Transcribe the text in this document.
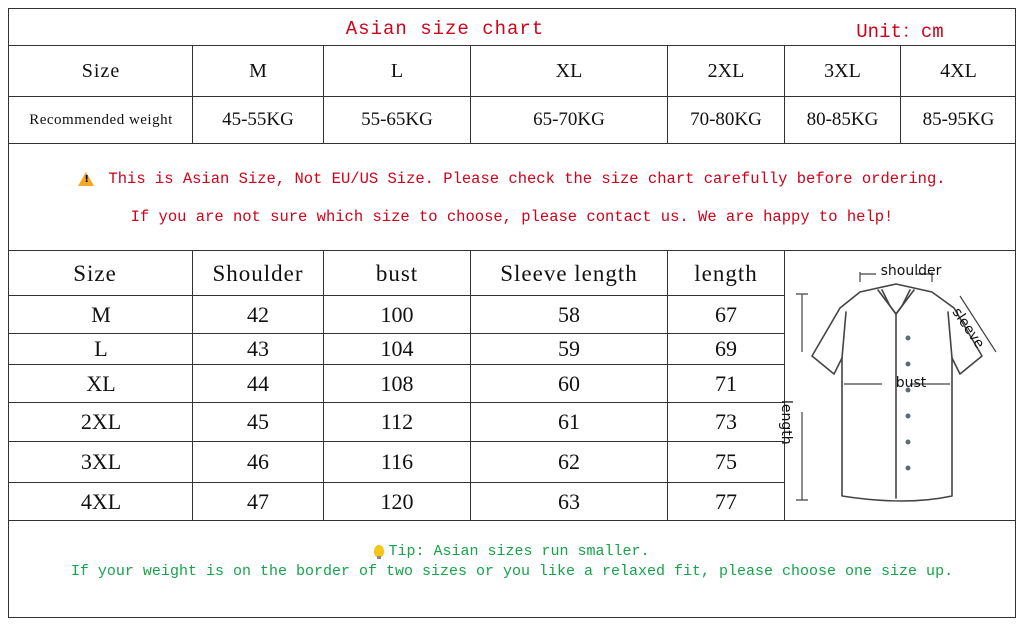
Asian size chart	Unit：cm
Size	M	L	XL	2XL	3XL	4XL
Recommended weight	45-55KG	55-65KG	65-70KG	70-80KG	80-85KG	85-95KG
!
This is Asian Size, Not EU/US Size. Please check the size chart carefully before ordering.
If you are not sure which size to choose, please contact us. We are happy to help!
Size	Shoulder	bust	Sleeve length	length
M	42	100	58	67
L	43	104	59	69
XL	44	108	60	71
2XL	45	112	61	73
3XL	46	116	62	75
4XL	47	120	63	77
shoulder
sleeve
length
bust
Tip: Asian sizes run smaller.
If your weight is on the border of two sizes or you like a relaxed fit, please choose one size up.
